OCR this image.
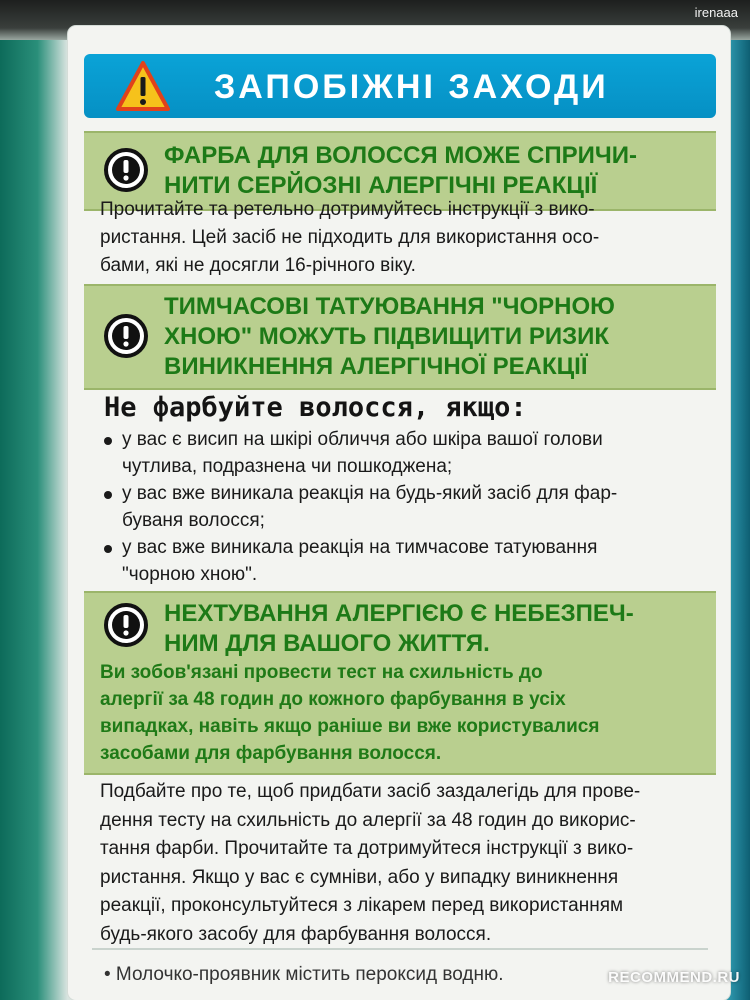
irenaaa
ЗАПОБІЖНІ ЗАХОДИ
ФАРБА ДЛЯ ВОЛОССЯ МОЖЕ СПРИЧИ-
НИТИ СЕРЙОЗНІ АЛЕРГІЧНІ РЕАКЦІЇ
Прочитайте та ретельно дотримуйтесь інструкції з вико-
ристання. Цей засіб не підходить для використання осо-
бами, які не досягли 16-річного віку.
ТИМЧАСОВІ ТАТУЮВАННЯ "ЧОРНОЮ
ХНОЮ" МОЖУТЬ ПІДВИЩИТИ РИЗИК
ВИНИКНЕННЯ АЛЕРГІЧНОЇ РЕАКЦІЇ
Не фарбуйте волосся, якщо:
у вас є висип на шкірі обличчя або шкіра вашої голови
чутлива, подразнена чи пошкоджена;
у вас вже виникала реакція на будь-який засіб для фар-
буваня волосся;
у вас вже виникала реакція на тимчасове татуювання
"чорною хною".
НЕХТУВАННЯ АЛЕРГІЄЮ Є НЕБЕЗПЕЧ-
НИМ ДЛЯ ВАШОГО ЖИТТЯ.
Ви зобов'язані провести тест на схильність до
алергії за 48 годин до кожного фарбування в усіх
випадках, навіть якщо раніше ви вже користувалися
засобами для фарбування волосся.
Подбайте про те, щоб придбати засіб заздалегідь для прове-
дення тесту на схильність до алергії за 48 годин до викорис-
тання фарби. Прочитайте та дотримуйтеся інструкції з вико-
ристання. Якщо у вас є сумніви, або у випадку виникнення
реакції, проконсультуйтеся з лікарем перед використанням
будь-якого засобу для фарбування волосся.
• Молочко-проявник містить пероксид водню.	RECOMMEND.RU
